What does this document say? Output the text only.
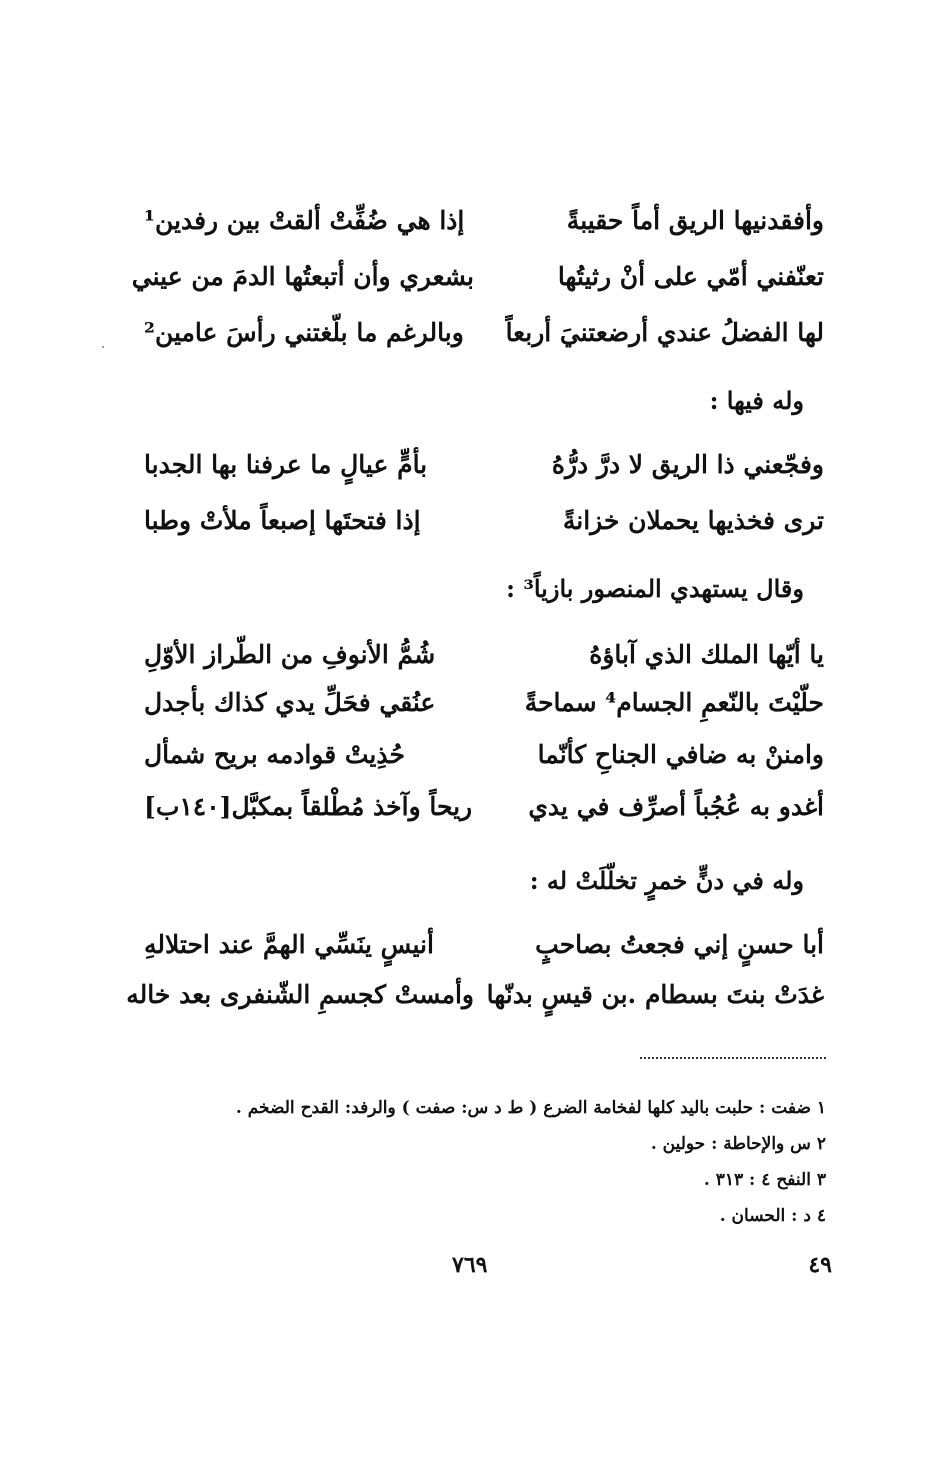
وأفقدنيها الريق أماً حقيبةً
إذا هي ضُفِّتْ ألقتْ بين رفدين¹
تعنّفني أمّي على أنْ رثيتُها
بشعري وأن أتبعتُها الدمَ من عيني
لها الفضلُ عندي أرضعتنيَ أربعاً
وبالرغم ما بلّغتني رأسَ عامين²
وله فيها :
وفجّعني ذا الريق لا درَّ درُّهُ
بأمٍّ عيالٍ ما عرفنا بها الجدبا
ترى فخذيها يحملان خزانةً
إذا فتحتَها إصبعاً ملأتْ وطبا
وقال يستهدي المنصور بازياً³ :
يا أيّها الملك الذي آباؤهُ
شُمُّ الأنوفِ من الطّراز الأوّلِ
حلّيْتَ بالنّعمِ الجسام⁴ سماحةً
عنُقي فحَلِّ يدي كذاك بأجدل
وامننْ به ضافي الجناحِ كأنّما
حُذِيتْ قوادمه بريح شمأل
أغدو به عُجُباً أصرِّف في يدي
ريحاً وآخذ مُطْلقاً بمكبَّل[١٤٠ب]
وله في دنٍّ خمرٍ تخلّلَتْ له :
أبا حسنٍ إني فجعتُ بصاحبٍ
أنيسٍ ينَسِّي الهمَّ عند احتلالهِ
غدَتْ بنتَ بسطام .بن قيسٍ بدنّها
وأمستْ كجسمِ الشّنفرى بعد خاله
١ ضفت : حلبت باليد كلها لفخامة الضرع ( ط د س: صفت ) والرفد: القدح الضخم .
٢ س والإحاطة : حولين .
٣ النفح ٤ : ٣١٣ .
٤ د : الحسان .
٧٦٩	٤٩
